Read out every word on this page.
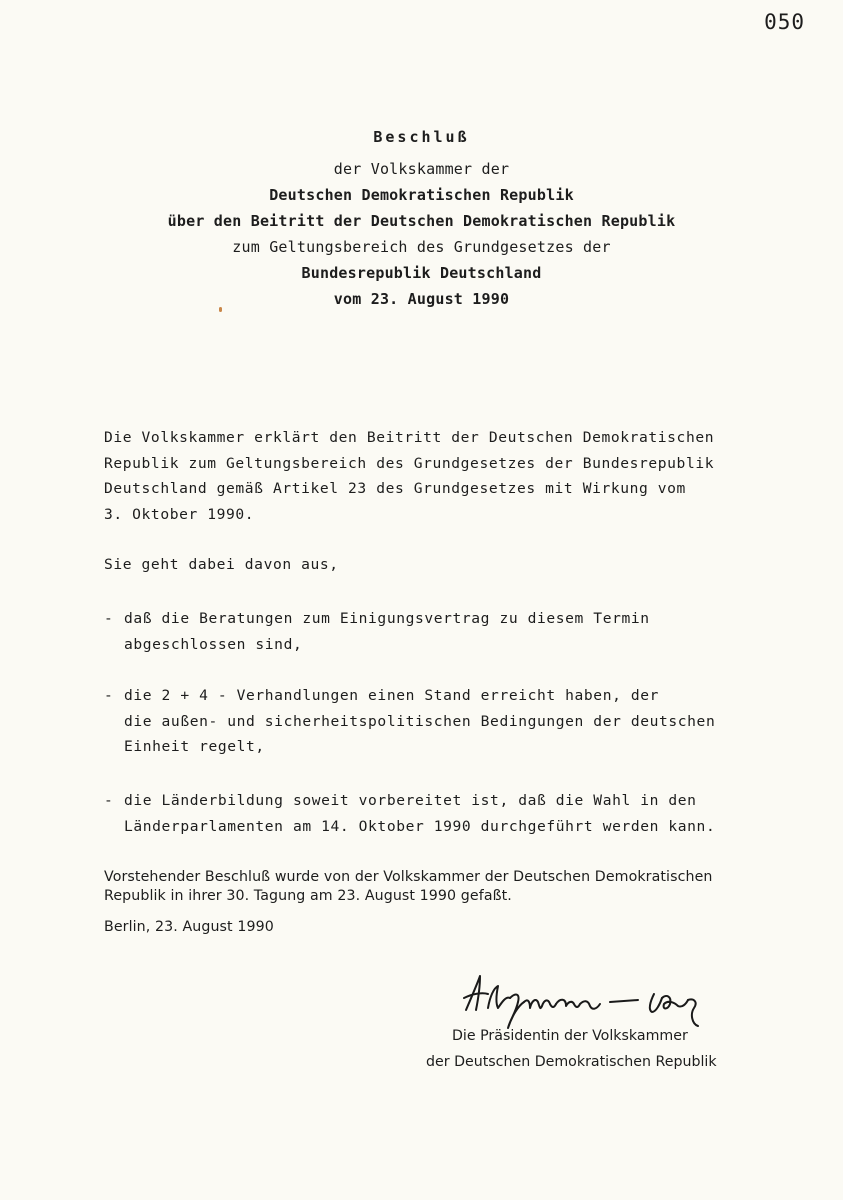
050
Beschluß
der Volkskammer der
Deutschen Demokratischen Republik
über den Beitritt der Deutschen Demokratischen Republik
zum Geltungsbereich des Grundgesetzes der
Bundesrepublik Deutschland
vom 23. August 1990
Die Volkskammer erklärt den Beitritt der Deutschen Demokratischen
Republik zum Geltungsbereich des Grundgesetzes der Bundesrepublik
Deutschland gemäß Artikel 23 des Grundgesetzes mit Wirkung vom
3. Oktober 1990.
Sie geht dabei davon aus,
- daß die Beratungen zum Einigungsvertrag zu diesem Termin
abgeschlossen sind,
- die 2 + 4 - Verhandlungen einen Stand erreicht haben, der
die außen- und sicherheitspolitischen Bedingungen der deutschen
Einheit regelt,
- die Länderbildung soweit vorbereitet ist, daß die Wahl in den
Länderparlamenten am 14. Oktober 1990 durchgeführt werden kann.
Vorstehender Beschluß wurde von der Volkskammer der Deutschen Demokratischen
Republik in ihrer 30. Tagung am 23. August 1990 gefaßt.
Berlin, 23. August 1990
Die Präsidentin der Volkskammer
der Deutschen Demokratischen Republik
